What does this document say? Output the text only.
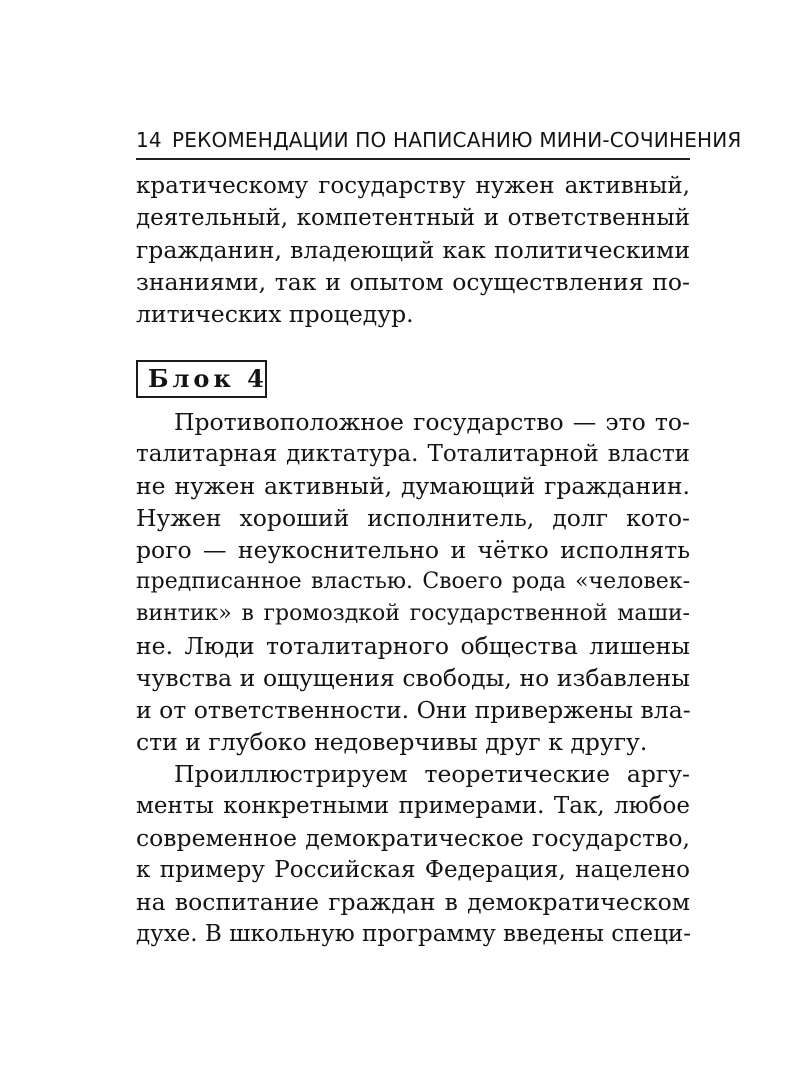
14 РЕКОМЕНДАЦИИ ПО НАПИСАНИЮ МИНИ-СОЧИНЕНИЯ
кратическому государству нужен активный,
деятельный, компетентный и ответственный
гражданин, владеющий как политическими
знаниями, так и опытом осуществления по-
литических процедур.
Блок 4
Противоположное государство — это то-
талитарная диктатура. Тоталитарной власти
не нужен активный, думающий гражданин.
Нужен хороший исполнитель, долг кото-
рого — неукоснительно и чётко исполнять
предписанное властью. Своего рода «человек-
винтик» в громоздкой государственной маши-
не. Люди тоталитарного общества лишены
чувства и ощущения свободы, но избавлены
и от ответственности. Они привержены вла-
сти и глубоко недоверчивы друг к другу.
Проиллюстрируем теоретические аргу-
менты конкретными примерами. Так, любое
современное демократическое государство,
к примеру Российская Федерация, нацелено
на воспитание граждан в демократическом
духе. В школьную программу введены специ-
